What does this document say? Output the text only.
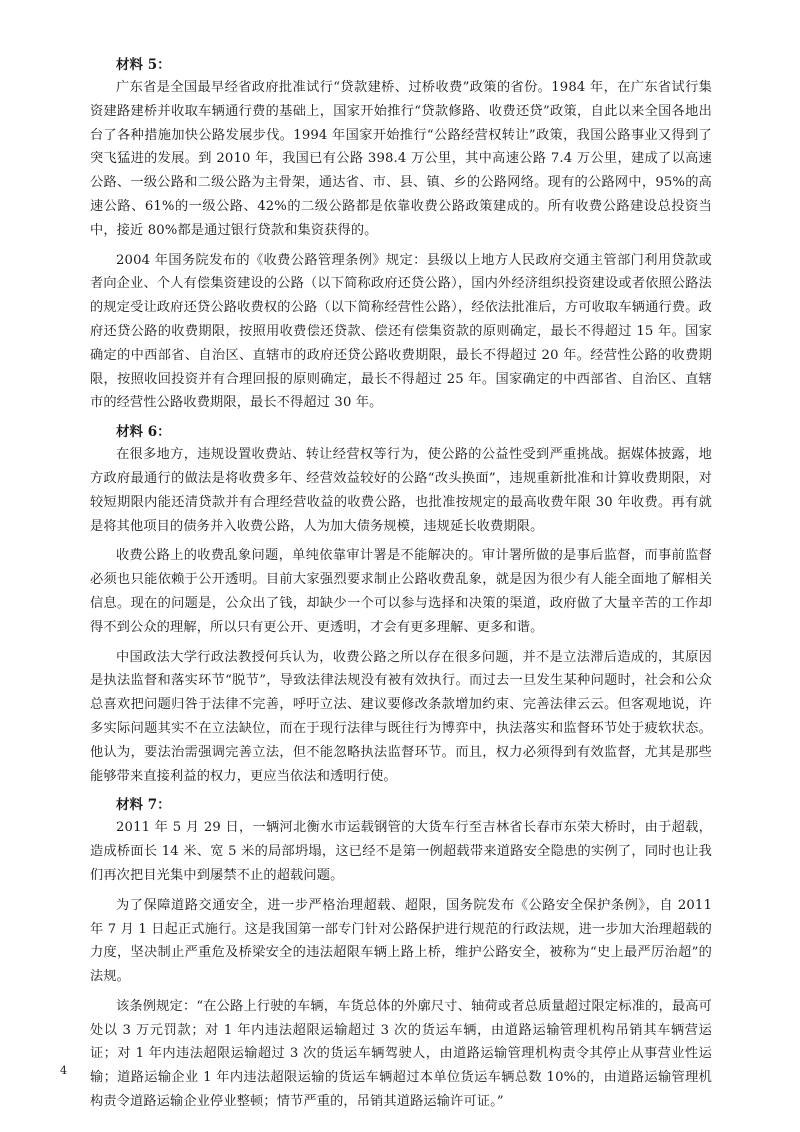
材料 5：

广东省是全国最早经省政府批准试行“贷款建桥、过桥收费”政策的省份。1984 年，在广东省试行集资建路建桥并收取车辆通行费的基础上，国家开始推行“贷款修路、收费还贷”政策，自此以来全国各地出台了各种措施加快公路发展步伐。1994 年国家开始推行“公路经营权转让”政策，我国公路事业又得到了突飞猛进的发展。到 2010 年，我国已有公路 398.4 万公里，其中高速公路 7.4 万公里，建成了以高速公路、一级公路和二级公路为主骨架，通达省、市、县、镇、乡的公路网络。现有的公路网中，95%的高速公路、61%的一级公路、42%的二级公路都是依靠收费公路政策建成的。所有收费公路建设总投资当中，接近 80%都是通过银行贷款和集资获得的。

2004 年国务院发布的《收费公路管理条例》规定：县级以上地方人民政府交通主管部门利用贷款或者向企业、个人有偿集资建设的公路（以下简称政府还贷公路），国内外经济组织投资建设或者依照公路法的规定受让政府还贷公路收费权的公路（以下简称经营性公路），经依法批准后，方可收取车辆通行费。政府还贷公路的收费期限，按照用收费偿还贷款、偿还有偿集资款的原则确定，最长不得超过 15 年。国家确定的中西部省、自治区、直辖市的政府还贷公路收费期限，最长不得超过 20 年。经营性公路的收费期限，按照收回投资并有合理回报的原则确定，最长不得超过 25 年。国家确定的中西部省、自治区、直辖市的经营性公路收费期限，最长不得超过 30 年。

材料 6：

在很多地方，违规设置收费站、转让经营权等行为，使公路的公益性受到严重挑战。据媒体披露，地方政府最通行的做法是将收费多年、经营效益较好的公路“改头换面”，违规重新批准和计算收费期限，对较短期限内能还清贷款并有合理经营收益的收费公路，也批准按规定的最高收费年限 30 年收费。再有就是将其他项目的债务并入收费公路，人为加大债务规模，违规延长收费期限。

收费公路上的收费乱象问题，单纯依靠审计署是不能解决的。审计署所做的是事后监督，而事前监督必须也只能依赖于公开透明。目前大家强烈要求制止公路收费乱象，就是因为很少有人能全面地了解相关信息。现在的问题是，公众出了钱，却缺少一个可以参与选择和决策的渠道，政府做了大量辛苦的工作却得不到公众的理解，所以只有更公开、更透明，才会有更多理解、更多和谐。

中国政法大学行政法教授何兵认为，收费公路之所以存在很多问题，并不是立法滞后造成的，其原因是执法监督和落实环节“脱节”，导致法律法规没有被有效执行。而过去一旦发生某种问题时，社会和公众总喜欢把问题归咎于法律不完善，呼吁立法、建议要修改条款增加约束、完善法律云云。但客观地说，许多实际问题其实不在立法缺位，而在于现行法律与既往行为博弈中，执法落实和监督环节处于疲软状态。他认为，要法治需强调完善立法，但不能忽略执法监督环节。而且，权力必须得到有效监督，尤其是那些能够带来直接利益的权力，更应当依法和透明行使。

材料 7：

2011 年 5 月 29 日，一辆河北衡水市运载钢管的大货车行至吉林省长春市东荣大桥时，由于超载，造成桥面长 14 米、宽 5 米的局部坍塌，这已经不是第一例超载带来道路安全隐患的实例了，同时也让我们再次把目光集中到屡禁不止的超载问题。

为了保障道路交通安全，进一步严格治理超载、超限，国务院发布《公路安全保护条例》，自 2011 年 7 月 1 日起正式施行。这是我国第一部专门针对公路保护进行规范的行政法规，进一步加大治理超载的力度，坚决制止严重危及桥梁安全的违法超限车辆上路上桥，维护公路安全，被称为“史上最严厉治超”的法规。

该条例规定：“在公路上行驶的车辆，车货总体的外廓尺寸、轴荷或者总质量超过限定标准的，最高可处以 3 万元罚款；对 1 年内违法超限运输超过 3 次的货运车辆，由道路运输管理机构吊销其车辆营运证；对 1 年内违法超限运输超过 3 次的货运车辆驾驶人，由道路运输管理机构责令其停止从事营业性运输；道路运输企业 1 年内违法超限运输的货运车辆超过本单位货运车辆总数 10%的，由道路运输管理机构责令道路运输企业停业整顿；情节严重的，吊销其道路运输许可证。”

4
